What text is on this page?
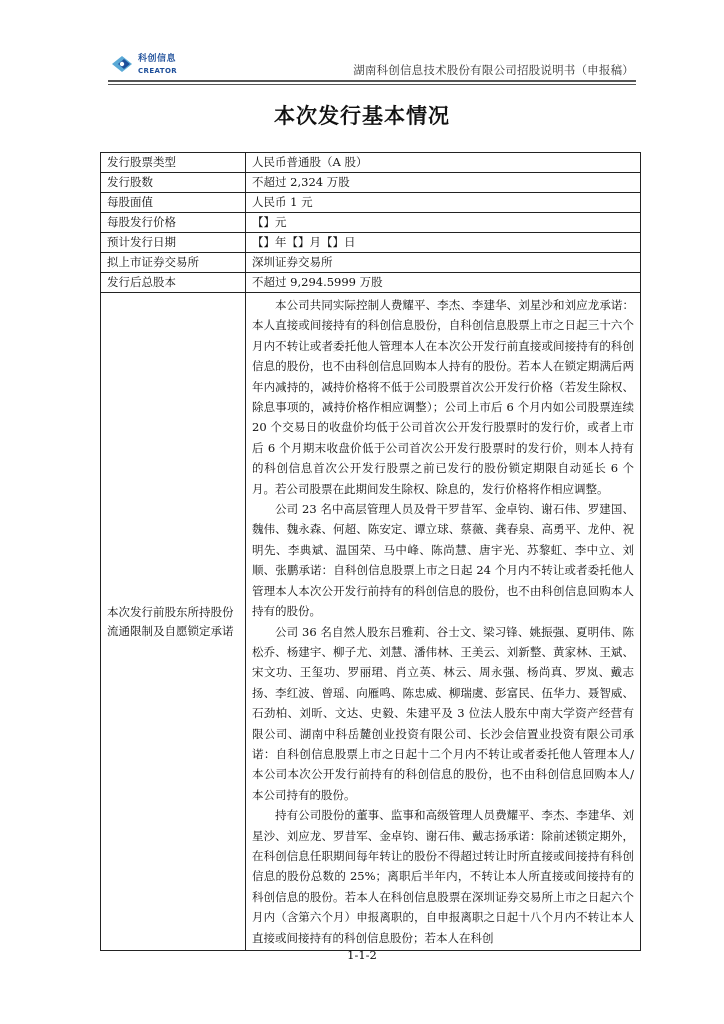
科创信息
CREATOR	湖南科创信息技术股份有限公司招股说明书（申报稿）
本次发行基本情况
发行股票类型	人民币普通股（A 股）
发行股数	不超过 2,324 万股
每股面值	人民币 1 元
每股发行价格	【】元
预计发行日期	【】年【】月【】日
拟上市证券交易所	深圳证券交易所
发行后总股本	不超过 9,294.5999 万股
本次发行前股东所持股份流通限制及自愿锁定承诺	本公司共同实际控制人费耀平、李杰、李建华、刘星沙和刘应龙承诺：本人直接或间接持有的科创信息股份，自科创信息股票上市之日起三十六个月内不转让或者委托他人管理本人在本次公开发行前直接或间接持有的科创信息的股份，也不由科创信息回购本人持有的股份。若本人在锁定期满后两年内减持的，减持价格将不低于公司股票首次公开发行价格（若发生除权、除息事项的，减持价格作相应调整）；公司上市后 6 个月内如公司股票连续 20 个交易日的收盘价均低于公司首次公开发行股票时的发行价，或者上市后 6 个月期末收盘价低于公司首次公开发行股票时的发行价，则本人持有的科创信息首次公开发行股票之前已发行的股份锁定期限自动延长 6 个月。若公司股票在此期间发生除权、除息的，发行价格将作相应调整。

公司 23 名中高层管理人员及骨干罗昔军、金卓钧、谢石伟、罗建国、魏伟、魏永森、何超、陈安定、谭立球、蔡薇、龚春泉、高勇平、龙仲、祝明先、李典斌、温国荣、马中峰、陈尚慧、唐宇光、苏黎虹、李中立、刘顺、张鹏承诺：自科创信息股票上市之日起 24 个月内不转让或者委托他人管理本人本次公开发行前持有的科创信息的股份，也不由科创信息回购本人持有的股份。

公司 36 名自然人股东吕雅莉、谷士文、梁习锋、姚振强、夏明伟、陈松乔、杨建宇、柳子尤、刘慧、潘伟林、王美云、刘新整、黄家林、王斌、宋文功、王玺功、罗丽珺、肖立英、林云、周永强、杨尚真、罗岚、戴志扬、李红波、曾瑶、向雁鸣、陈忠威、柳瑞虞、彭富民、伍华力、聂智威、石劲柏、刘昕、文达、史毅、朱建平及 3 位法人股东中南大学资产经营有限公司、湖南中科岳麓创业投资有限公司、长沙会信置业投资有限公司承诺：自科创信息股票上市之日起十二个月内不转让或者委托他人管理本人/本公司本次公开发行前持有的科创信息的股份，也不由科创信息回购本人/本公司持有的股份。

持有公司股份的董事、监事和高级管理人员费耀平、李杰、李建华、刘星沙、刘应龙、罗昔军、金卓钧、谢石伟、戴志扬承诺：除前述锁定期外，在科创信息任职期间每年转让的股份不得超过转让时所直接或间接持有科创信息的股份总数的 25%；离职后半年内，不转让本人所直接或间接持有的科创信息的股份。若本人在科创信息股票在深圳证券交易所上市之日起六个月内（含第六个月）申报离职的，自申报离职之日起十八个月内不转让本人直接或间接持有的科创信息股份；若本人在科创

1-1-2
